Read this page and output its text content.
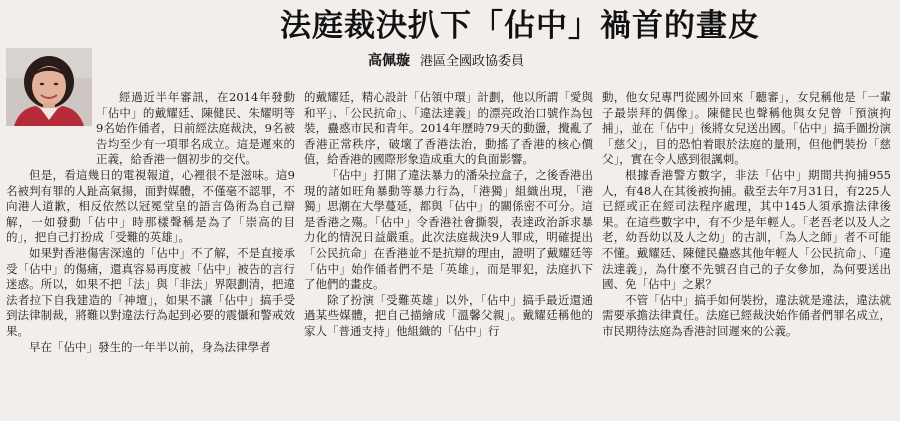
法庭裁決扒下「佔中」禍首的畫皮
高佩璇 港區全國政協委員

經過近半年審訊，在2014年發動「佔中」的戴耀廷、陳健民、朱耀明等9名始作俑者，日前經法庭裁決，9名被告均至少有一項罪名成立。這是遲來的正義，給香港一個初步的交代。

但是，看這幾日的電視報道，心裡很不是滋味。這9名被判有罪的人趾高氣揚，面對媒體，不僅毫不認罪，不向港人道歉，相反依然以冠冕堂皇的語言偽術為自己辯解，一如發動「佔中」時那樣聲稱是為了「崇高的目的」，把自己打扮成「受難的英雄」。

如果對香港傷害深遠的「佔中」不了解，不是直接承受「佔中」的傷痛，還真容易再度被「佔中」被告的言行迷惑。所以，如果不把「法」與「非法」界限劃清，把違法者拉下自我建造的「神壇」，如果不讓「佔中」搞手受到法律制裁，將難以對違法行為起到必要的震懾和警戒效果。

早在「佔中」發生的一年半以前，身為法律學者

的戴耀廷，精心設計「佔領中環」計劃，他以所謂「愛與和平」、「公民抗命」、「違法達義」的漂亮政治口號作為包裝，蠱惑市民和青年。2014年歷時79天的動盪，攪亂了香港正常秩序，破壞了香港法治，動搖了香港的核心價值，給香港的國際形象造成重大的負面影響。

「佔中」打開了違法暴力的潘朵拉盒子，之後香港出現的諸如旺角暴動等暴力行為，「港獨」組織出現，「港獨」思潮在大學蔓延，都與「佔中」的關係密不可分。這是香港之殤。「佔中」令香港社會撕裂，表達政治訴求暴力化的情況日益嚴重。此次法庭裁決9人罪成，明確提出「公民抗命」在香港並不是抗辯的理由，證明了戴耀廷等「佔中」始作俑者們不是「英雄」，而是罪犯，法庭扒下了他們的畫皮。

除了扮演「受難英雄」以外，「佔中」搞手最近還通過某些媒體，把自己描繪成「溫馨父親」。戴耀廷稱他的家人「普通支持」他組織的「佔中」行

動，他女兒專門從國外回來「聽審」，女兒稱他是「一輩子最崇拜的偶像」。陳健民也聲稱他與女兒曾「預演拘捕」，並在「佔中」後將女兒送出國。「佔中」搞手圖扮演「慈父」，目的恐怕着眼於法庭的量刑，但他們裝扮「慈父」，實在令人感到很諷刺。

根據香港警方數字，非法「佔中」期間共拘捕955人，有48人在其後被拘捕。截至去年7月31日，有225人已經或正在經司法程序處理，其中145人須承擔法律後果。在這些數字中，有不少是年輕人。「老吾老以及人之老，幼吾幼以及人之幼」的古訓，「為人之師」者不可能不懂。戴耀廷、陳健民蠱惑其他年輕人「公民抗命」、「違法達義」，為什麼不先號召自己的子女參加，為何要送出國、免「佔中」之累？

不管「佔中」搞手如何裝扮，違法就是違法，違法就需要承擔法律責任。法庭已經裁決始作俑者們罪名成立，市民期待法庭為香港討回遲來的公義。
